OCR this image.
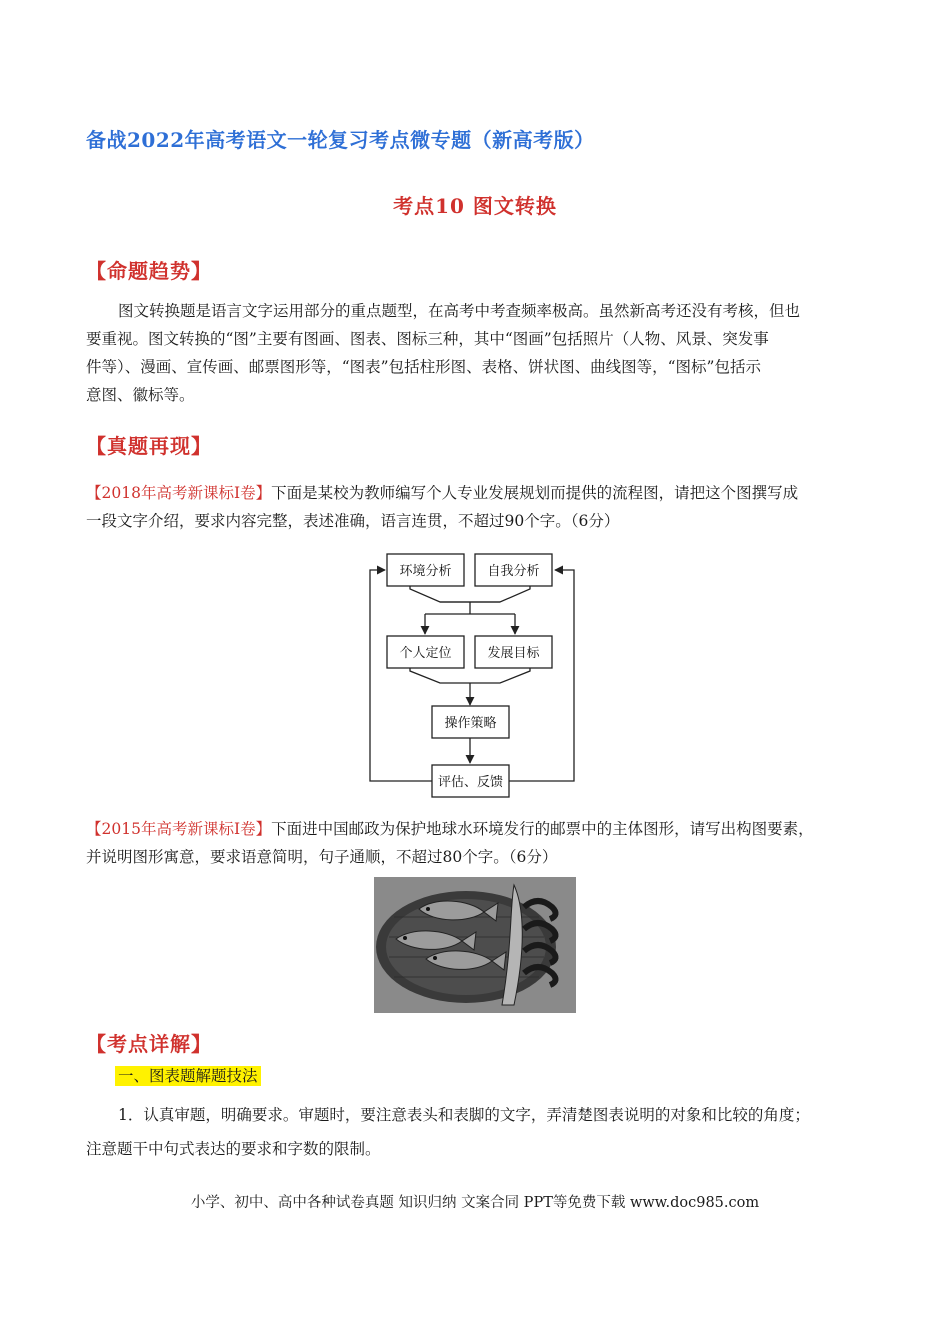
备战2022年高考语文一轮复习考点微专题（新高考版）
考点10 图文转换
【命题趋势】
图文转换题是语言文字运用部分的重点题型，在高考中考查频率极高。虽然新高考还没有考核，但也
要重视。图文转换的“图”主要有图画、图表、图标三种，其中“图画”包括照片（人物、风景、突发事
件等）、漫画、宣传画、邮票图形等，“图表”包括柱形图、表格、饼状图、曲线图等，“图标”包括示
意图、徽标等。
【真题再现】
【2018年高考新课标Ⅰ卷】下面是某校为教师编写个人专业发展规划而提供的流程图，请把这个图撰写成
一段文字介绍，要求内容完整，表述准确，语言连贯，不超过90个字。（6分）
环境分析	自我分析
个人定位	发展目标
操作策略
评估、反馈
【2015年高考新课标Ⅰ卷】下面进中国邮政为保护地球水环境发行的邮票中的主体图形，请写出构图要素，
并说明图形寓意，要求语意简明，句子通顺，不超过80个字。（6分）
【考点详解】
一、图表题解题技法
1．认真审题，明确要求。审题时，要注意表头和表脚的文字，弄清楚图表说明的对象和比较的角度；
注意题干中句式表达的要求和字数的限制。
小学、初中、高中各种试卷真题 知识归纳 文案合同 PPT等免费下载 www.doc985.com
